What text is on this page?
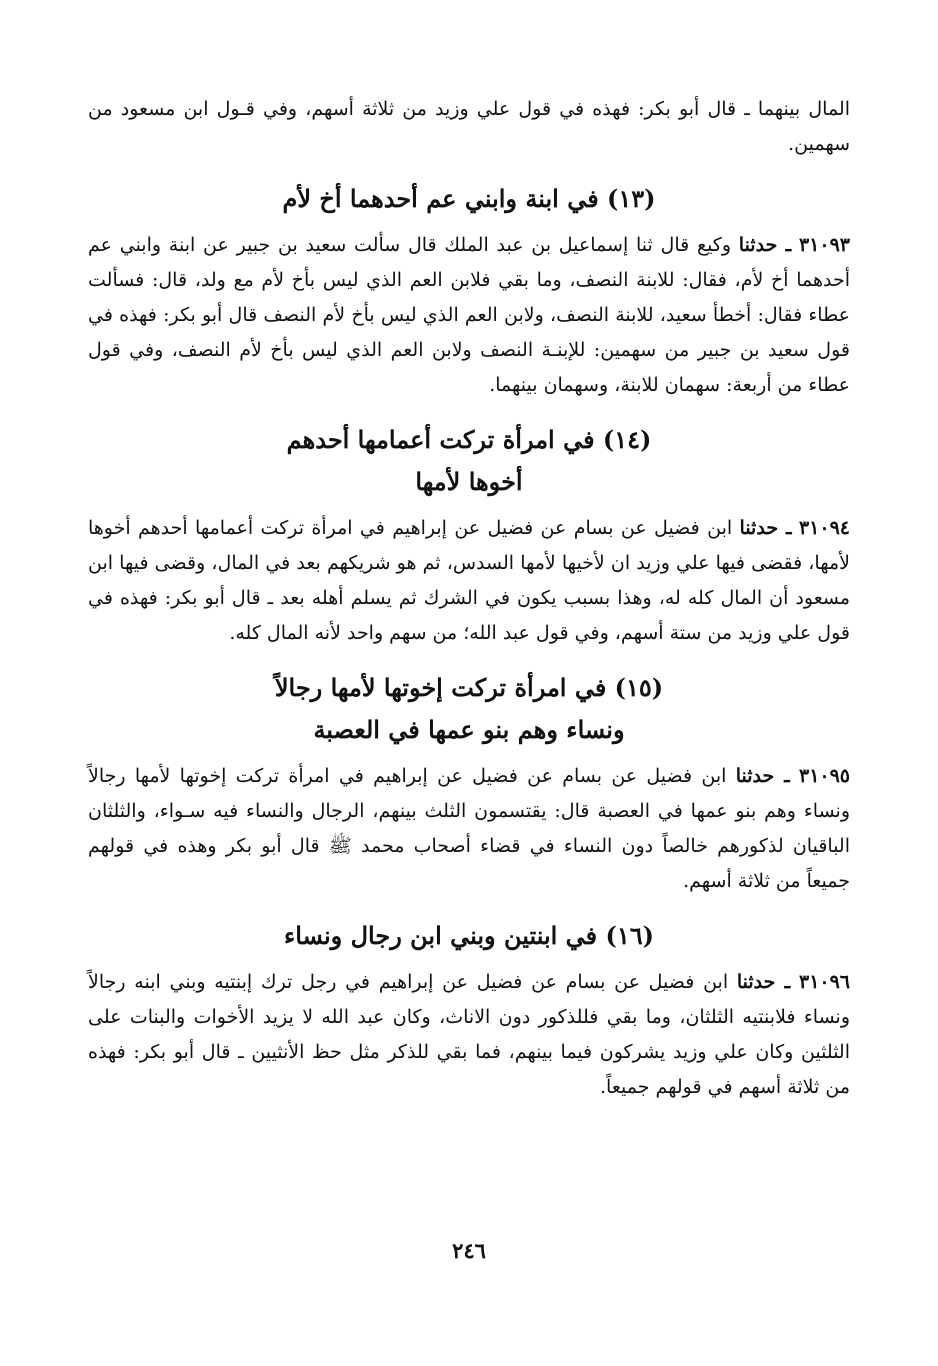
المال بينهما ـ قال أبو بكر: فهذه في قول علي وزيد من ثلاثة أسهم، وفي قـول ابن مسعود من سهمين.

(١٣) في ابنة وابني عم أحدهما أخ لأم

٣١٠٩٣ ـ حدثنا وكيع قال ثنا إسماعيل بن عبد الملك قال سألت سعيد بن جبير عن ابنة وابني عم أحدهما أخ لأم، فقال: للابنة النصف، وما بقي فلابن العم الذي ليس بأخ لأم مع ولد، قال: فسألت عطاء فقال: أخطأ سعيد، للابنة النصف، ولابن العم الذي ليس بأخ لأم النصف قال أبو بكر: فهذه في قول سعيد بن جبير من سهمين: للإبنـة النصف ولابن العم الذي ليس بأخ لأم النصف، وفي قول عطاء من أربعة: سهمان للابنة، وسهمان بينهما.

(١٤) في امرأة تركت أعمامها أحدهم
أخوها لأمها

٣١٠٩٤ ـ حدثنا ابن فضيل عن بسام عن فضيل عن إبراهيم في امرأة تركت أعمامها أحدهم أخوها لأمها، فقضى فيها علي وزيد ان لأخيها لأمها السدس، ثم هو شريكهم بعد في المال، وقضى فيها ابن مسعود أن المال كله له، وهذا بسبب يكون في الشرك ثم يسلم أهله بعد ـ قال أبو بكر: فهذه في قول علي وزيد من ستة أسهم، وفي قول عبد الله؛ من سهم واحد لأنه المال كله.

(١٥) في امرأة تركت إخوتها لأمها رجالاً
ونساء وهم بنو عمها في العصبة

٣١٠٩٥ ـ حدثنا ابن فضيل عن بسام عن فضيل عن إبراهيم في امرأة تركت إخوتها لأمها رجالاً ونساء وهم بنو عمها في العصبة قال: يقتسمون الثلث بينهم، الرجال والنساء فيه سـواء، والثلثان الباقيان لذكورهم خالصاً دون النساء في قضاء أصحاب محمد ﷺ قال أبو بكر وهذه في قولهم جميعاً من ثلاثة أسهم.

(١٦) في ابنتين وبني ابن رجال ونساء

٣١٠٩٦ ـ حدثنا ابن فضيل عن بسام عن فضيل عن إبراهيم في رجل ترك إبنتيه وبني ابنه رجالاً ونساء فلابنتيه الثلثان، وما بقي فللذكور دون الاناث، وكان عبد الله لا يزيد الأخوات والبنات على الثلثين وكان علي وزيد يشركون فيما بينهم، فما بقي للذكر مثل حظ الأنثيين ـ قال أبو بكر: فهذه من ثلاثة أسهم في قولهم جميعاً.

٢٤٦
